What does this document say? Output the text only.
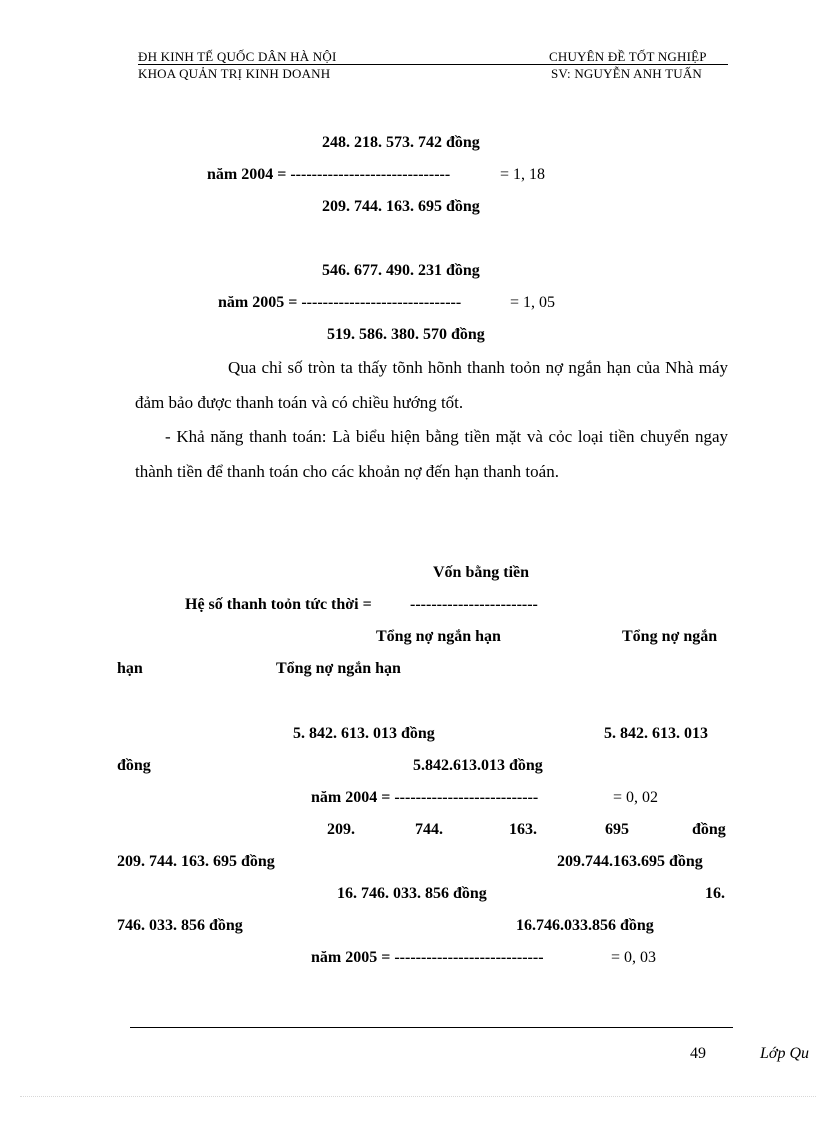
ĐH KINH TẾ QUỐC DÂN HÀ NỘI	CHUYÊN ĐỀ TỐT NGHIỆP
KHOA QUẢN TRỊ KINH DOANH	SV: NGUYỄN ANH TUẤN
248. 218. 573. 742 đồng
năm 2004 = ------------------------------	= 1, 18
209. 744. 163. 695 đồng
546. 677. 490. 231 đồng
năm 2005 = ------------------------------	= 1, 05
519. 586. 380. 570 đồng

Qua chỉ số tròn ta thấy tõnh hõnh thanh toỏn nợ ngắn hạn của Nhà máy đảm bảo được thanh toán và có chiều hướng tốt.

- Khả năng thanh toán: Là biểu hiện bằng tiền mặt và cỏc loại tiền chuyển ngay thành tiền để thanh toán cho các khoản nợ đến hạn thanh toán.

Vốn bằng tiền
Hệ số thanh toỏn tức thời = ------------------------
Tổng nợ ngắn hạn	Tổng nợ ngắn
hạn	Tổng nợ ngắn hạn
5. 842. 613. 013 đồng	5. 842. 613. 013
đồng	5.842.613.013 đồng
năm 2004 = ---------------------------	= 0, 02
209.	744.	163.	695	đồng
209. 744. 163. 695 đồng	209.744.163.695 đồng
16. 746. 033. 856 đồng	16.
746. 033. 856 đồng	16.746.033.856 đồng
năm 2005 = ----------------------------	= 0, 03
49	Lớp Qu
